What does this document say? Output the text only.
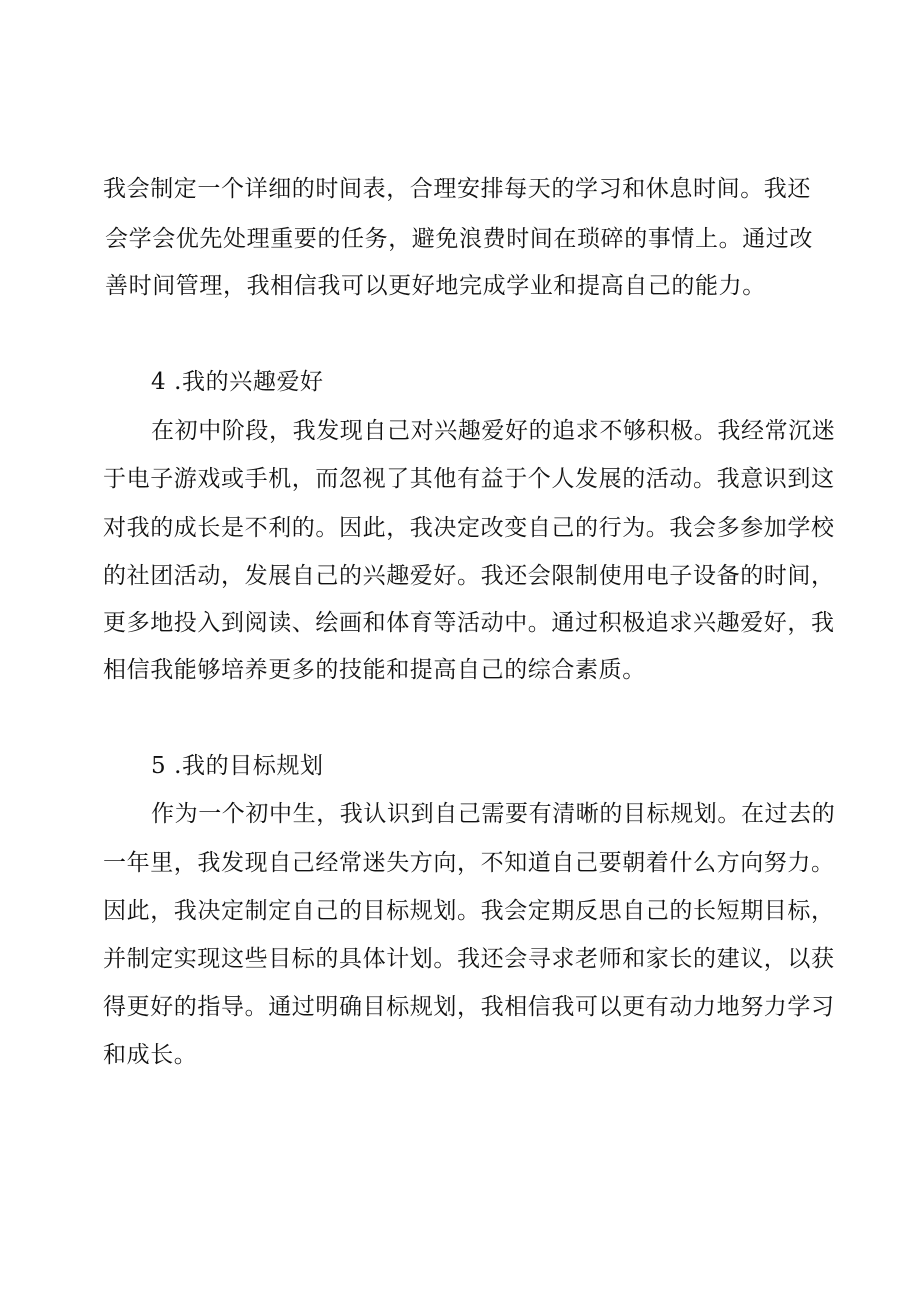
我会制定一个详细的时间表，合理安排每天的学习和休息时间。我还

会学会优先处理重要的任务，避免浪费时间在琐碎的事情上。通过改

善时间管理，我相信我可以更好地完成学业和提高自己的能力。

4 .我的兴趣爱好

在初中阶段，我发现自己对兴趣爱好的追求不够积极。我经常沉迷

于电子游戏或手机，而忽视了其他有益于个人发展的活动。我意识到这

对我的成长是不利的。因此，我决定改变自己的行为。我会多参加学校

的社团活动，发展自己的兴趣爱好。我还会限制使用电子设备的时间，

更多地投入到阅读、绘画和体育等活动中。通过积极追求兴趣爱好，我

相信我能够培养更多的技能和提高自己的综合素质。

5 .我的目标规划

作为一个初中生，我认识到自己需要有清晰的目标规划。在过去的

一年里，我发现自己经常迷失方向，不知道自己要朝着什么方向努力。

因此，我决定制定自己的目标规划。我会定期反思自己的长短期目标，

并制定实现这些目标的具体计划。我还会寻求老师和家长的建议，以获

得更好的指导。通过明确目标规划，我相信我可以更有动力地努力学习

和成长。
